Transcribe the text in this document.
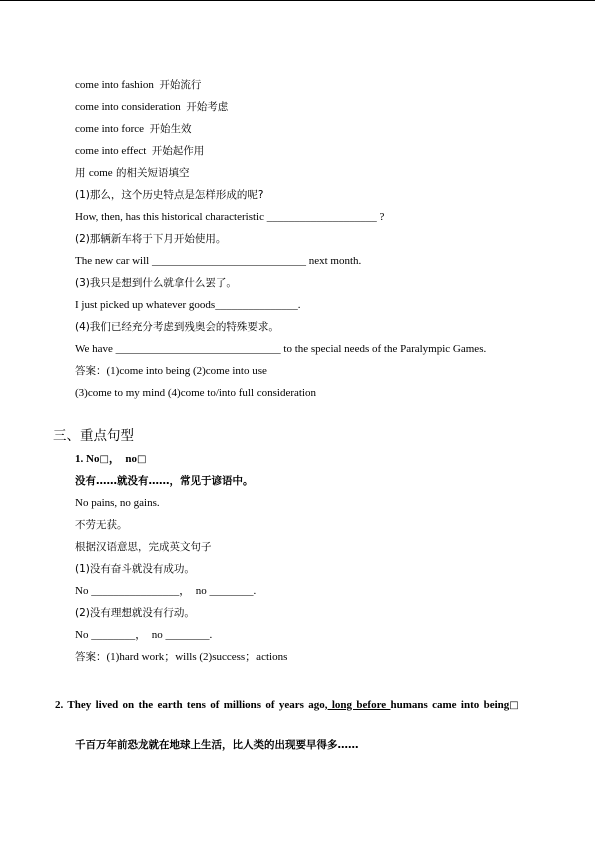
come into fashion 开始流行
come into consideration 开始考虑
come into force 开始生效
come into effect 开始起作用
用 come 的相关短语填空
(1)那么，这个历史特点是怎样形成的呢?
How, then, has this historical characteristic ____________________ ?
(2)那辆新车将于下月开始使用。
The new car will ____________________________ next month.
(3)我只是想到什么就拿什么罢了。
I just picked up whatever goods_______________.
(4)我们已经充分考虑到残奥会的特殊要求。
We have ______________________________ to the special needs of the Paralympic Games.
答案：(1)come into being (2)come into use
(3)come to my mind (4)come to/into full consideration
三、重点句型
1. No□，  no□
没有……就没有……，常见于谚语中。
No pains, no gains.
不劳无获。
根据汉语意思，完成英文句子
(1)没有奋斗就没有成功。
No ________________，  no ________.
(2)没有理想就没有行动。
No ________，  no ________.
答案：(1)hard work；wills (2)success；actions
2. They lived on the earth tens of millions of years ago, long before humans came into being□
千百万年前恐龙就在地球上生活，比人类的出现要早得多……
